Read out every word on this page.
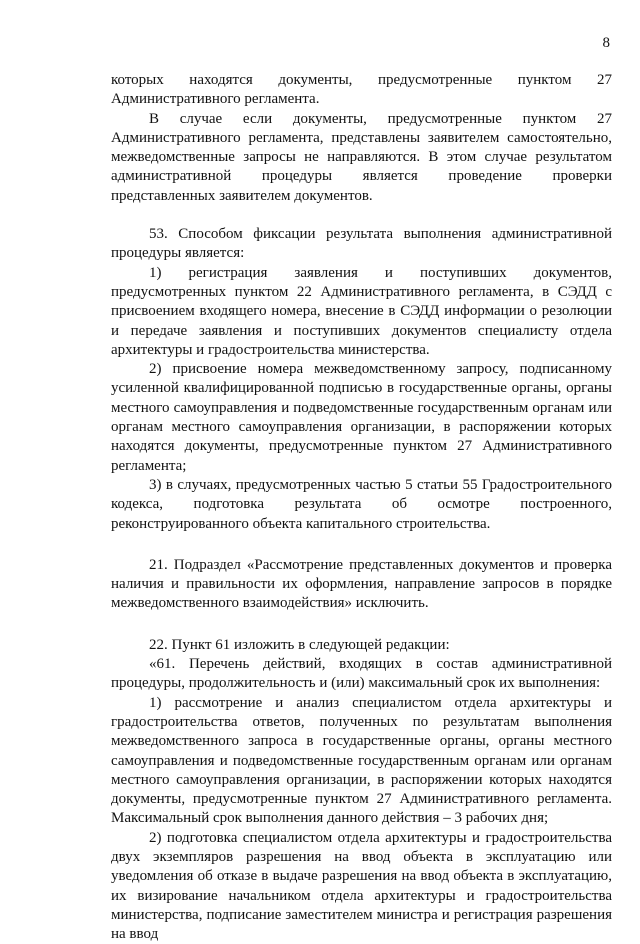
8

которых находятся документы, предусмотренные пунктом 27 Административного регламента.

В случае если документы, предусмотренные пунктом 27 Административного регламента, представлены заявителем самостоятельно, межведомственные запросы не направляются. В этом случае результатом административной процедуры является проведение проверки представленных заявителем документов.

53. Способом фиксации результата выполнения административной процедуры является:

1) регистрация заявления и поступивших документов, предусмотренных пунктом 22 Административного регламента, в СЭДД с присвоением входящего номера, внесение в СЭДД информации о резолюции и передаче заявления и поступивших документов специалисту отдела архитектуры и градостроительства министерства.

2) присвоение номера межведомственному запросу, подписанному усиленной квалифицированной подписью в государственные органы, органы местного самоуправления и подведомственные государственным органам или органам местного самоуправления организации, в распоряжении которых находятся документы, предусмотренные пунктом 27 Административного регламента;

3) в случаях, предусмотренных частью 5 статьи 55 Градостроительного кодекса, подготовка результата об осмотре построенного, реконструированного объекта капитального строительства.

21. Подраздел «Рассмотрение представленных документов и проверка наличия и правильности их оформления, направление запросов в порядке межведомственного взаимодействия» исключить.

22. Пункт 61 изложить в следующей редакции:

«61. Перечень действий, входящих в состав административной процедуры, продолжительность и (или) максимальный срок их выполнения:

1) рассмотрение и анализ специалистом отдела архитектуры и градостроительства ответов, полученных по результатам выполнения межведомственного запроса в государственные органы, органы местного самоуправления и подведомственные государственным органам или органам местного самоуправления организации, в распоряжении которых находятся документы, предусмотренные пунктом 27 Административного регламента. Максимальный срок выполнения данного действия – 3 рабочих дня;

2) подготовка специалистом отдела архитектуры и градостроительства двух экземпляров разрешения на ввод объекта в эксплуатацию или уведомления об отказе в выдаче разрешения на ввод объекта в эксплуатацию, их визирование начальником отдела архитектуры и градостроительства министерства, подписание заместителем министра и регистрация разрешения на ввод
